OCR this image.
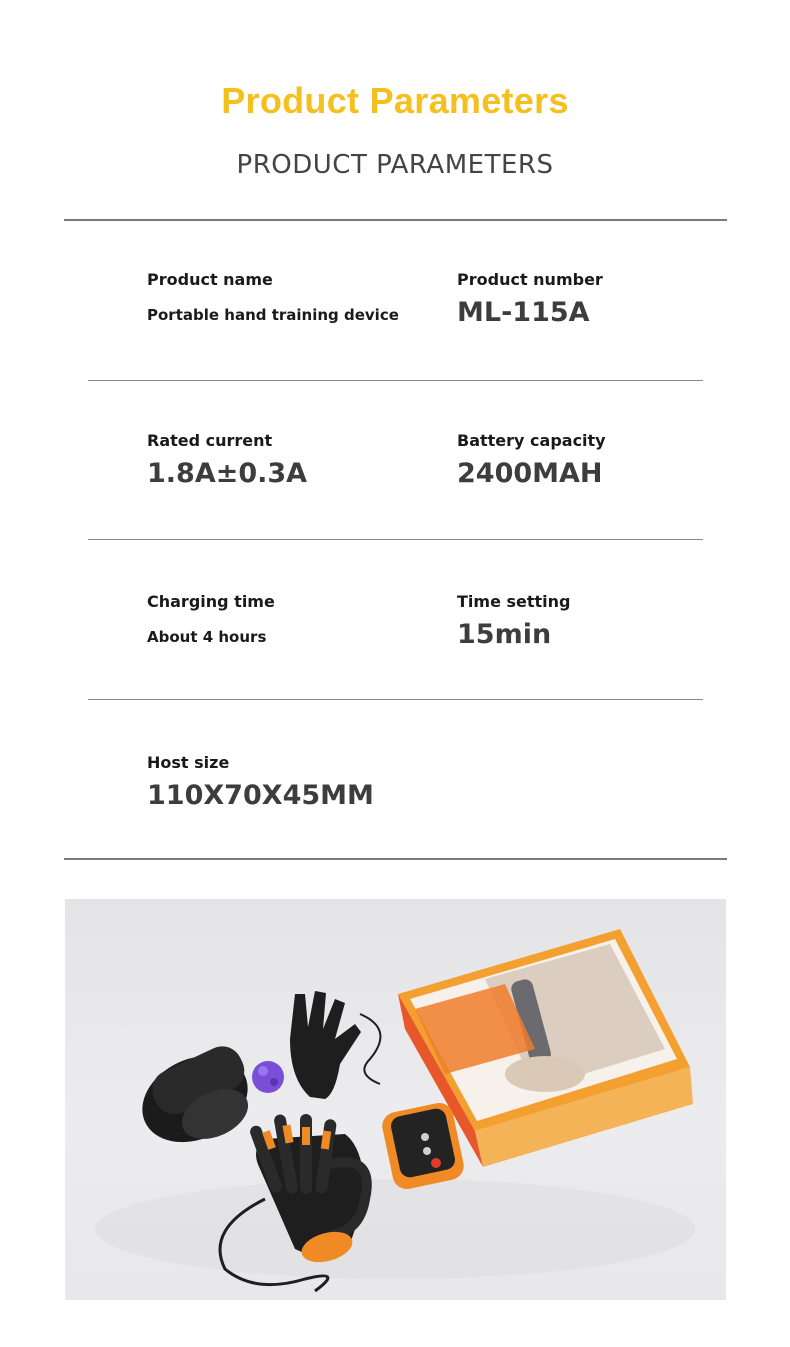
Product Parameters
PRODUCT PARAMETERS
Product name
Portable hand training device
Product number
ML-115A
Rated current
1.8A±0.3A
Battery capacity
2400MAH
Charging time
About 4 hours
Time setting
15min
Host size
110X70X45MM
